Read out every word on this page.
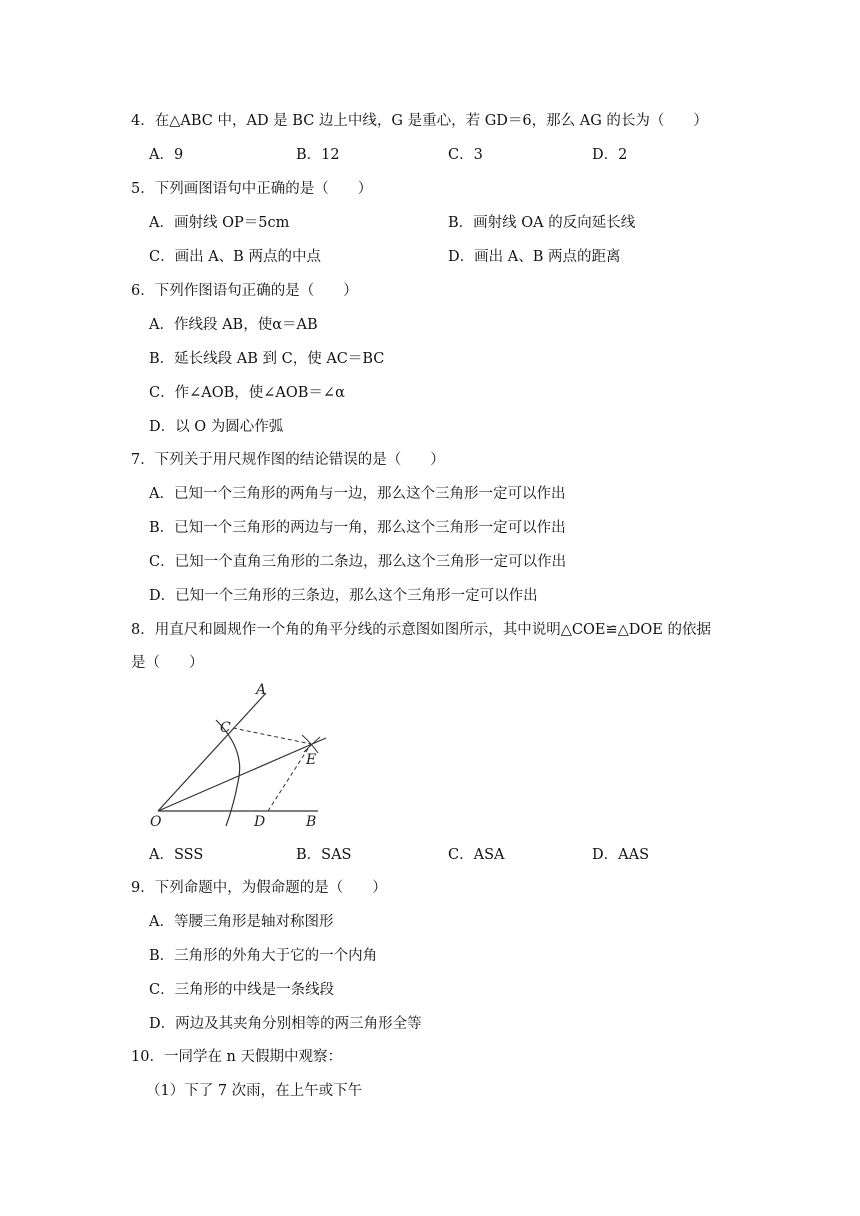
4．在△ABC 中，AD 是 BC 边上中线，G 是重心，若 GD＝6，那么 AG 的长为（　　）
A．9	B．12	C．3	D．2
5．下列画图语句中正确的是（　　）
A．画射线 OP＝5cm	B．画射线 OA 的反向延长线
C．画出 A、B 两点的中点	D．画出 A、B 两点的距离
6．下列作图语句正确的是（　　）
A．作线段 AB，使α＝AB
B．延长线段 AB 到 C，使 AC＝BC
C．作∠AOB，使∠AOB＝∠α
D．以 O 为圆心作弧
7．下列关于用尺规作图的结论错误的是（　　）
A．已知一个三角形的两角与一边，那么这个三角形一定可以作出
B．已知一个三角形的两边与一角，那么这个三角形一定可以作出
C．已知一个直角三角形的二条边，那么这个三角形一定可以作出
D．已知一个三角形的三条边，那么这个三角形一定可以作出
8．用直尺和圆规作一个角的角平分线的示意图如图所示，其中说明△COE≌△DOE 的依据
是（　　）
A
C
E
O	D	B
A．SSS	B．SAS	C．ASA	D．AAS
9．下列命题中，为假命题的是（　　）
A．等腰三角形是轴对称图形
B．三角形的外角大于它的一个内角
C．三角形的中线是一条线段
D．两边及其夹角分别相等的两三角形全等
10．一同学在 n 天假期中观察：
（1）下了 7 次雨，在上午或下午
